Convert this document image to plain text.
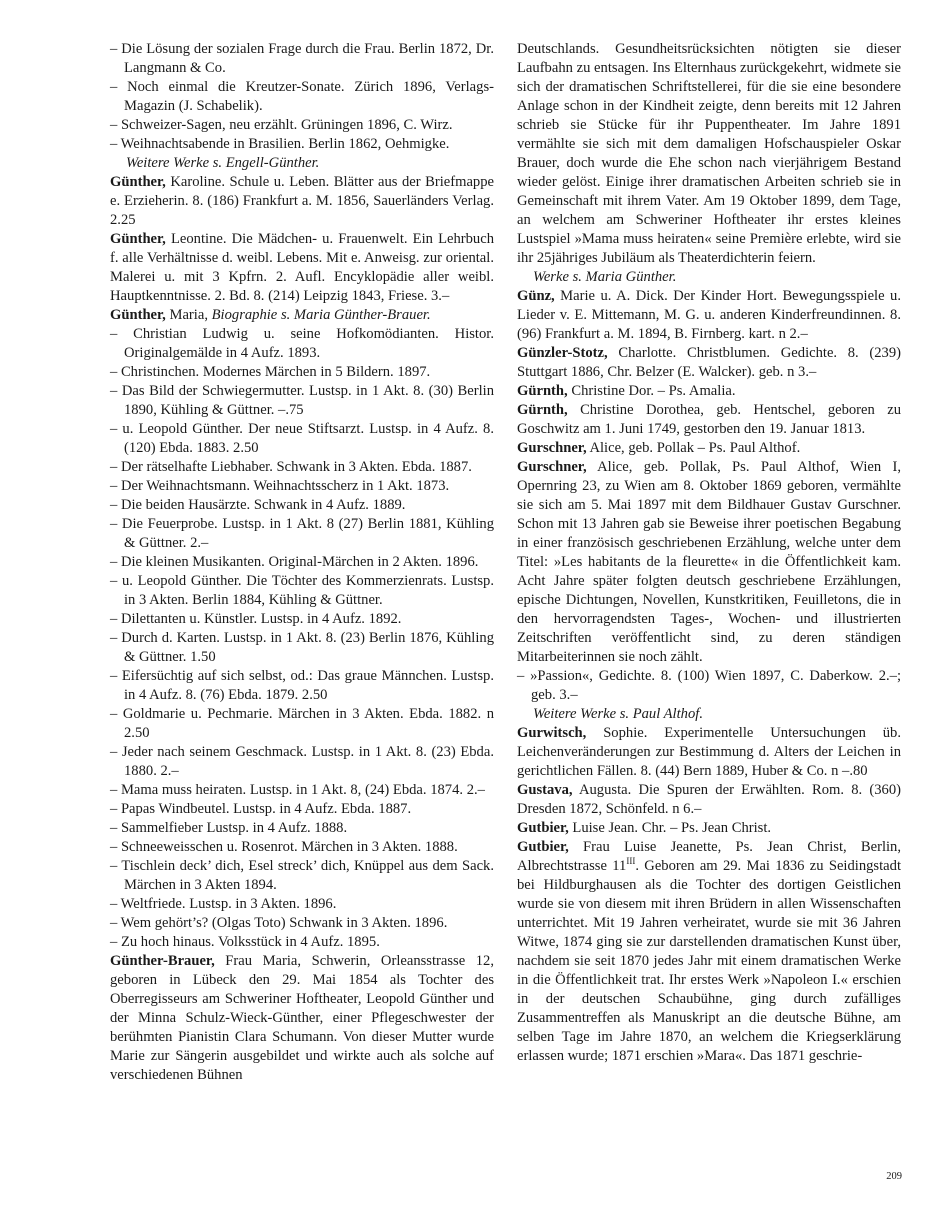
– Die Lösung der sozialen Frage durch die Frau. Berlin 1872, Dr. Langmann & Co.

– Noch einmal die Kreutzer-Sonate. Zürich 1896, Verlags-Magazin (J. Schabelik).

– Schweizer-Sagen, neu erzählt. Grüningen 1896, C. Wirz.

– Weihnachtsabende in Brasilien. Berlin 1862, Oehmigke.

Weitere Werke s. Engell-Günther.

Günther, Karoline. Schule u. Leben. Blätter aus der Briefmappe e. Erzieherin. 8. (186) Frankfurt a. M. 1856, Sauerländers Verlag. 2.25

Günther, Leontine. Die Mädchen- u. Frauenwelt. Ein Lehrbuch f. alle Verhältnisse d. weibl. Lebens. Mit e. Anweisg. zur oriental. Malerei u. mit 3 Kpfrn. 2. Aufl. Encyklopädie aller weibl. Hauptkenntnisse. 2. Bd. 8. (214) Leipzig 1843, Friese. 3.–

Günther, Maria, Biographie s. Maria Günther-Brauer.

– Christian Ludwig u. seine Hofkomödianten. Histor. Originalgemälde in 4 Aufz. 1893.

– Christinchen. Modernes Märchen in 5 Bildern. 1897.

– Das Bild der Schwiegermutter. Lustsp. in 1 Akt. 8. (30) Berlin 1890, Kühling & Güttner. –.75

– u. Leopold Günther. Der neue Stiftsarzt. Lustsp. in 4 Aufz. 8. (120) Ebda. 1883. 2.50

– Der rätselhafte Liebhaber. Schwank in 3 Akten. Ebda. 1887.

– Der Weihnachtsmann. Weihnachtsscherz in 1 Akt. 1873.

– Die beiden Hausärzte. Schwank in 4 Aufz. 1889.

– Die Feuerprobe. Lustsp. in 1 Akt. 8 (27) Berlin 1881, Kühling & Güttner. 2.–

– Die kleinen Musikanten. Original-Märchen in 2 Akten. 1896.

– u. Leopold Günther. Die Töchter des Kommerzienrats. Lustsp. in 3 Akten. Berlin 1884, Kühling & Güttner.

– Dilettanten u. Künstler. Lustsp. in 4 Aufz. 1892.

– Durch d. Karten. Lustsp. in 1 Akt. 8. (23) Berlin 1876, Kühling & Güttner. 1.50

– Eifersüchtig auf sich selbst, od.: Das graue Männchen. Lustsp. in 4 Aufz. 8. (76) Ebda. 1879. 2.50

– Goldmarie u. Pechmarie. Märchen in 3 Akten. Ebda. 1882. n 2.50

– Jeder nach seinem Geschmack. Lustsp. in 1 Akt. 8. (23) Ebda. 1880. 2.–

– Mama muss heiraten. Lustsp. in 1 Akt. 8, (24) Ebda. 1874. 2.–

– Papas Windbeutel. Lustsp. in 4 Aufz. Ebda. 1887.

– Sammelfieber Lustsp. in 4 Aufz. 1888.

– Schneeweisschen u. Rosenrot. Märchen in 3 Akten. 1888.

– Tischlein deck’ dich, Esel streck’ dich, Knüppel aus dem Sack. Märchen in 3 Akten 1894.

– Weltfriede. Lustsp. in 3 Akten. 1896.

– Wem gehört’s? (Olgas Toto) Schwank in 3 Akten. 1896.

– Zu hoch hinaus. Volksstück in 4 Aufz. 1895.

Günther-Brauer, Frau Maria, Schwerin, Orleansstrasse 12, geboren in Lübeck den 29. Mai 1854 als Tochter des Oberregisseurs am Schweriner Hoftheater, Leopold Günther und der Minna Schulz-Wieck-Günther, einer Pflegeschwester der berühmten Pianistin Clara Schumann. Von dieser Mutter wurde Marie zur Sängerin ausgebildet und wirkte auch als solche auf verschiedenen Bühnen

Deutschlands. Gesundheitsrücksichten nötigten sie dieser Laufbahn zu entsagen. Ins Elternhaus zurückgekehrt, widmete sie sich der dramatischen Schriftstellerei, für die sie eine besondere Anlage schon in der Kindheit zeigte, denn bereits mit 12 Jahren schrieb sie Stücke für ihr Puppentheater. Im Jahre 1891 vermählte sie sich mit dem damaligen Hofschauspieler Oskar Brauer, doch wurde die Ehe schon nach vierjährigem Bestand wieder gelöst. Einige ihrer dramatischen Arbeiten schrieb sie in Gemeinschaft mit ihrem Vater. Am 19 Oktober 1899, dem Tage, an welchem am Schweriner Hoftheater ihr erstes kleines Lustspiel »Mama muss heiraten« seine Première erlebte, wird sie ihr 25jähriges Jubiläum als Theaterdichterin feiern.

Werke s. Maria Günther.

Günz, Marie u. A. Dick. Der Kinder Hort. Bewegungsspiele u. Lieder v. E. Mittemann, M. G. u. anderen Kinderfreundinnen. 8. (96) Frankfurt a. M. 1894, B. Firnberg. kart. n 2.–

Günzler-Stotz, Charlotte. Christblumen. Gedichte. 8. (239) Stuttgart 1886, Chr. Belzer (E. Walcker). geb. n 3.–

Gürnth, Christine Dor. – Ps. Amalia.

Gürnth, Christine Dorothea, geb. Hentschel, geboren zu Goschwitz am 1. Juni 1749, gestorben den 19. Januar 1813.

Gurschner, Alice, geb. Pollak – Ps. Paul Althof.

Gurschner, Alice, geb. Pollak, Ps. Paul Althof, Wien I, Opernring 23, zu Wien am 8. Oktober 1869 geboren, vermählte sie sich am 5. Mai 1897 mit dem Bildhauer Gustav Gurschner. Schon mit 13 Jahren gab sie Beweise ihrer poetischen Begabung in einer französisch geschriebenen Erzählung, welche unter dem Titel: »Les habitants de la fleurette« in die Öffentlichkeit kam. Acht Jahre später folgten deutsch geschriebene Erzählungen, epische Dichtungen, Novellen, Kunstkritiken, Feuilletons, die in den hervorragendsten Tages-, Wochen- und illustrierten Zeitschriften veröffentlicht sind, zu deren ständigen Mitarbeiterinnen sie noch zählt.

– »Passion«, Gedichte. 8. (100) Wien 1897, C. Daberkow. 2.–; geb. 3.–

Weitere Werke s. Paul Althof.

Gurwitsch, Sophie. Experimentelle Untersuchungen üb. Leichenveränderungen zur Bestimmung d. Alters der Leichen in gerichtlichen Fällen. 8. (44) Bern 1889, Huber & Co. n –.80

Gustava, Augusta. Die Spuren der Erwählten. Rom. 8. (360) Dresden 1872, Schönfeld. n 6.–

Gutbier, Luise Jean. Chr. – Ps. Jean Christ.

Gutbier, Frau Luise Jeanette, Ps. Jean Christ, Berlin, Albrechtstrasse $11^{III}$. Geboren am 29. Mai 1836 zu Seidingstadt bei Hildburghausen als die Tochter des dortigen Geistlichen wurde sie von diesem mit ihren Brüdern in allen Wissenschaften unterrichtet. Mit 19 Jahren verheiratet, wurde sie mit 36 Jahren Witwe, 1874 ging sie zur darstellenden dramatischen Kunst über, nachdem sie seit 1870 jedes Jahr mit einem dramatischen Werke in die Öffentlichkeit trat. Ihr erstes Werk »Napoleon I.« erschien in der deutschen Schaubühne, ging durch zufälliges Zusammentreffen als Manuskript an die deutsche Bühne, am selben Tage im Jahre 1870, an welchem die Kriegserklärung erlassen wurde; 1871 erschien »Mara«. Das 1871 geschrie-

209
